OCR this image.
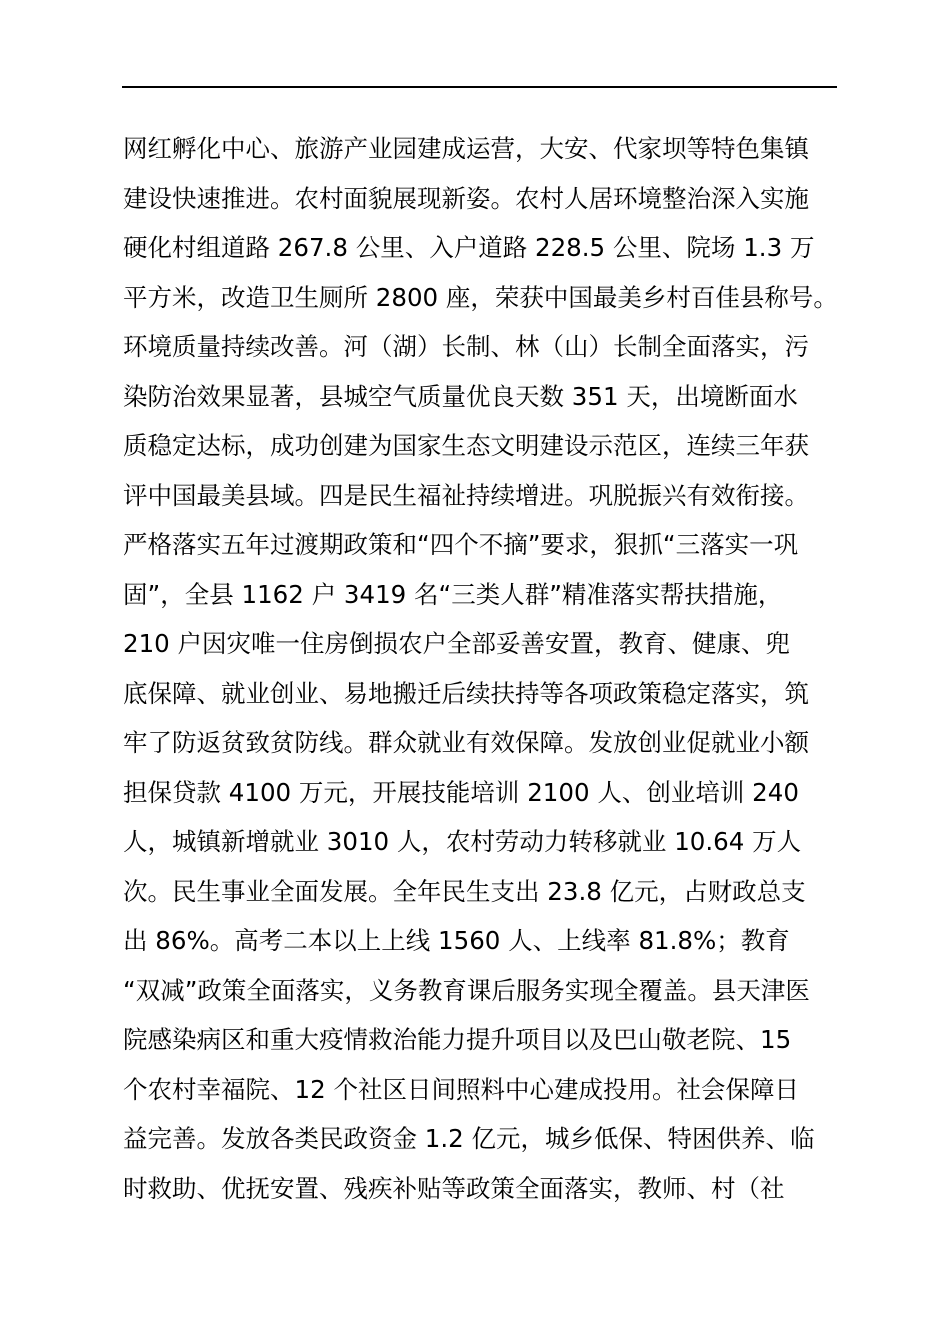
网红孵化中心、旅游产业园建成运营，大安、代家坝等特色集镇
建设快速推进。农村面貌展现新姿。农村人居环境整治深入实施
硬化村组道路 267.8 公里、入户道路 228.5 公里、院场 1.3 万
平方米，改造卫生厕所 2800 座，荣获中国最美乡村百佳县称号。
环境质量持续改善。河（湖）长制、林（山）长制全面落实，污
染防治效果显著，县城空气质量优良天数 351 天，出境断面水
质稳定达标，成功创建为国家生态文明建设示范区，连续三年获
评中国最美县域。四是民生福祉持续增进。巩脱振兴有效衔接。
严格落实五年过渡期政策和“四个不摘”要求，狠抓“三落实一巩
固”，全县 1162 户 3419 名“三类人群”精准落实帮扶措施，
210 户因灾唯一住房倒损农户全部妥善安置，教育、健康、兜
底保障、就业创业、易地搬迁后续扶持等各项政策稳定落实，筑
牢了防返贫致贫防线。群众就业有效保障。发放创业促就业小额
担保贷款 4100 万元，开展技能培训 2100 人、创业培训 240
人，城镇新增就业 3010 人，农村劳动力转移就业 10.64 万人
次。民生事业全面发展。全年民生支出 23.8 亿元，占财政总支
出 86%。高考二本以上上线 1560 人、上线率 81.8%；教育
“双减”政策全面落实，义务教育课后服务实现全覆盖。县天津医
院感染病区和重大疫情救治能力提升项目以及巴山敬老院、15
个农村幸福院、12 个社区日间照料中心建成投用。社会保障日
益完善。发放各类民政资金 1.2 亿元，城乡低保、特困供养、临
时救助、优抚安置、残疾补贴等政策全面落实，教师、村（社
